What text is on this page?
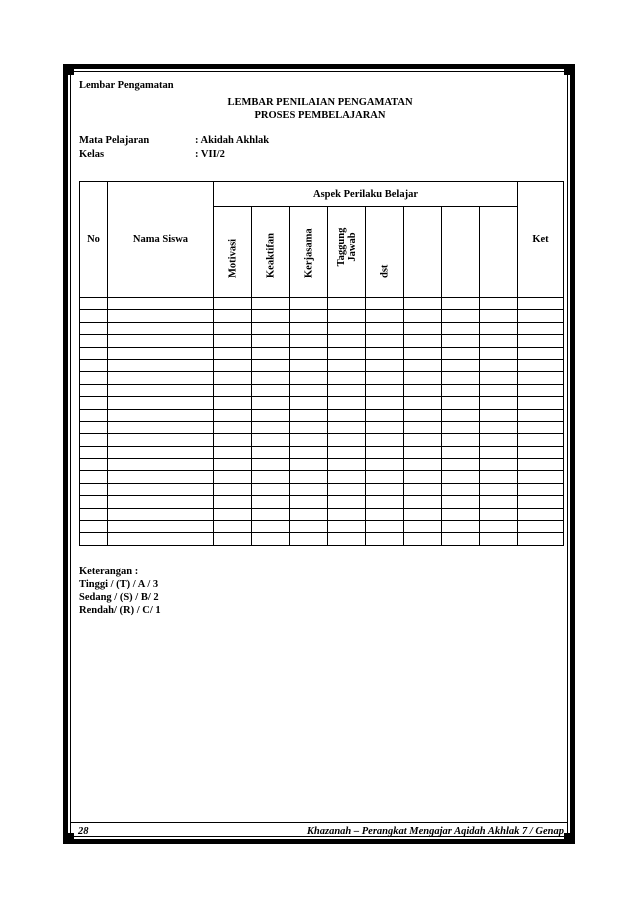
Lembar Pengamatan
LEMBAR PENILAIAN PENGAMATAN
PROSES PEMBELAJARAN
Mata Pelajaran	: Akidah Akhlak
Kelas	: VII/2
No	Nama Siswa	Aspek Perilaku Belajar								Ket

		Motivasi	Keaktifan	Kerjasama	Taggung Jawab	dst				

Keterangan :
Tinggi / (T) / A / 3
Sedang / (S) / B/ 2
Rendah/ (R) / C/ 1
28	Khazanah – Perangkat Mengajar Aqidah Akhlak 7 / Genap
